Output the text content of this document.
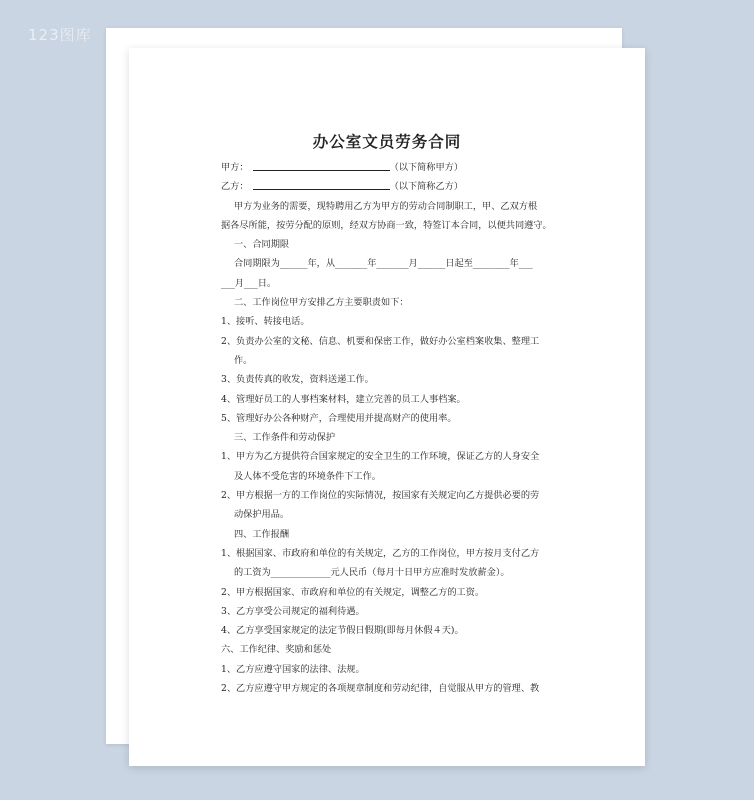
123图库
办公室文员劳务合同

甲方：	（以下简称甲方）

乙方：	（以下简称乙方）

甲方为业务的需要，现特聘用乙方为甲方的劳动合同制职工，甲、乙双方根

据各尽所能，按劳分配的原则，经双方协商一致，特签订本合同，以便共同遵守。

一、合同期限

合同期限为______年，从_______年_______月______日起至________年___

___月___日。

二、工作岗位甲方安排乙方主要职责如下：

1、接听、转接电话。

2、负责办公室的文秘、信息、机要和保密工作，做好办公室档案收集、整理工

作。

3、负责传真的收发，资料送递工作。

4、管理好员工的人事档案材料，建立完善的员工人事档案。

5、管理好办公各种财产，合理使用并提高财产的使用率。

三、工作条件和劳动保护

1、甲方为乙方提供符合国家规定的安全卫生的工作环境，保证乙方的人身安全

及人体不受危害的环境条件下工作。

2、甲方根据一方的工作岗位的实际情况，按国家有关规定向乙方提供必要的劳

动保护用品。

四、工作报酬

1、根据国家、市政府和单位的有关规定，乙方的工作岗位，甲方按月支付乙方

的工资为_____________元人民币（每月十日甲方应准时发放薪金）。

2、甲方根据国家、市政府和单位的有关规定，调整乙方的工资。

3、乙方享受公司规定的福利待遇。

4、乙方享受国家规定的法定节假日假期(即每月休假４天)。

六、工作纪律、奖励和惩处

1、乙方应遵守国家的法律、法规。

2、乙方应遵守甲方规定的各项规章制度和劳动纪律，自觉服从甲方的管理、教
